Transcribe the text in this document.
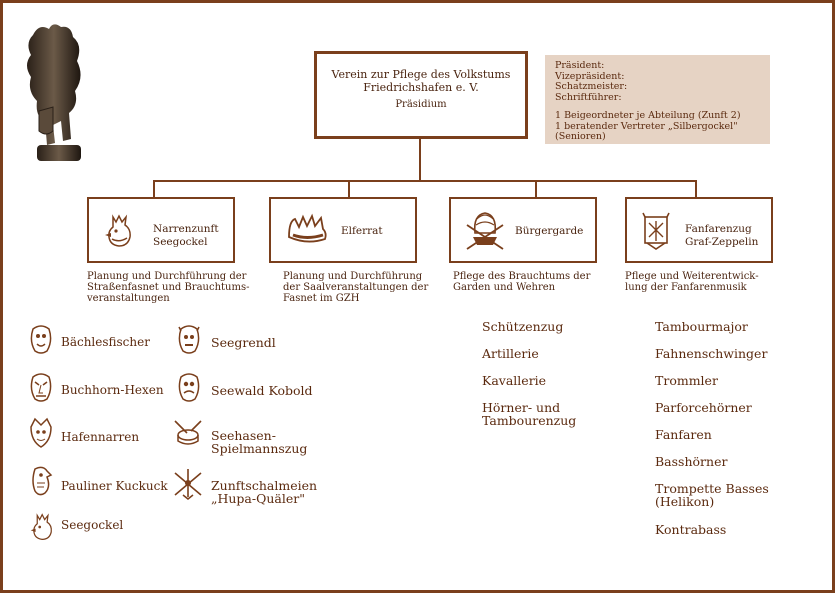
Verein zur Pflege des Volkstums
Friedrichshafen e. V.
Präsidium
Präsident:
Vizepräsident:
Schatzmeister:
Schriftführer:
1 Beigeordneter je Abteilung (Zunft 2)
1 beratender Vertreter „Silbergockel" (Senioren)
Narrenzunft
Seegockel
Elferrat	Bürgergarde	Fanfarenzug
Graf-Zeppelin
Planung und Durchführung der
Straßenfasnet und Brauchtums-
veranstaltungen
Planung und Durchführung
der Saalveranstaltungen der
Fasnet im GZH
Pflege des Brauchtums der
Garden und Wehren
Pflege und Weiterentwick-
lung der Fanfarenmusik
Bächlesfischer
Buchhorn-Hexen
Hafennarren
Pauliner Kuckuck
Seegockel
Seegrendl
Seewald Kobold
Seehasen-
Spielmannszug
Zunftschalmeien
„Hupa-Quäler"
Schützenzug
Artillerie
Kavallerie
Hörner- und
Tambourenzug
Tambourmajor
Fahnenschwinger
Trommler
Parforcehörner
Fanfaren
Basshörner
Trompette Basses
(Helikon)
Kontrabass
